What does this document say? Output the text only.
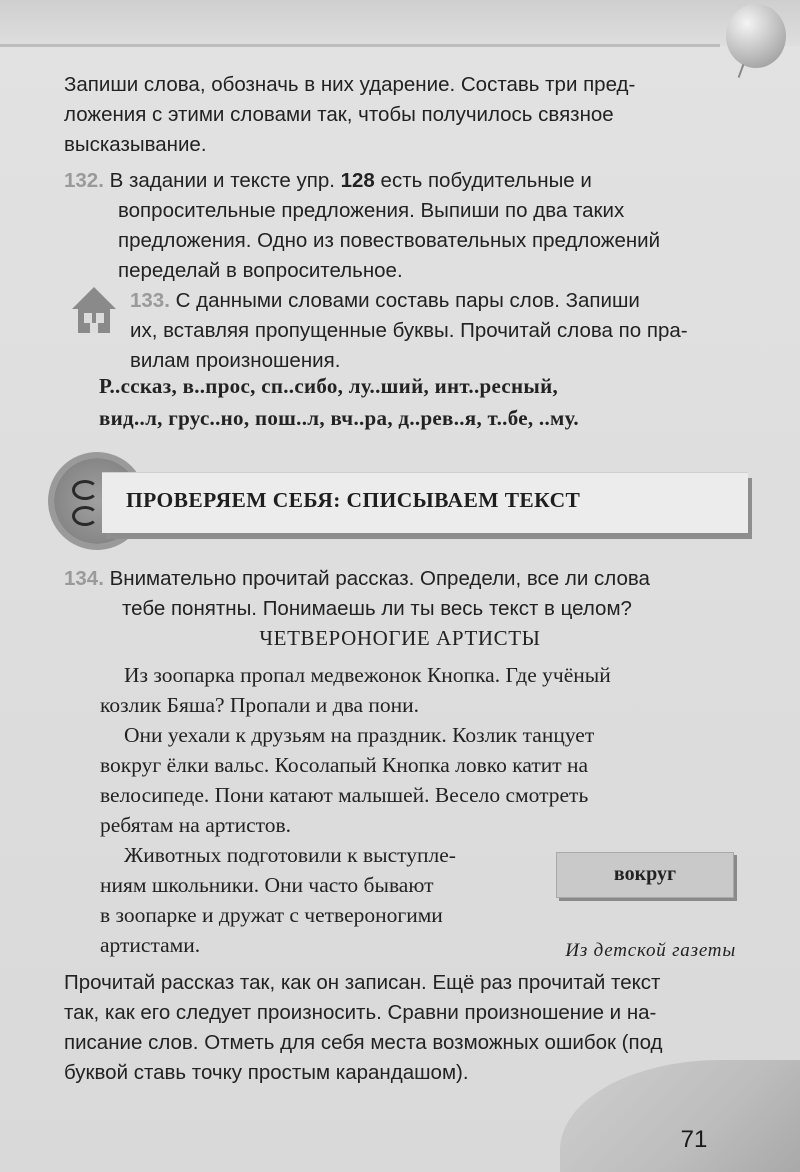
Запиши слова, обозначь в них ударение. Составь три пред-
ложения с этими словами так, чтобы получилось связное
высказывание.

132. В задании и тексте упр. 128 есть побудительные и
вопросительные предложения. Выпиши по два таких
предложения. Одно из повествовательных предложений
переделай в вопросительное.

133. С данными словами составь пары слов. Запиши
их, вставляя пропущенные буквы. Прочитай слова по пра-
вилам произношения.

Р..ссказ, в..прос, сп..сибо, лу..ший, инт..ресный,
вид..л, грус..но, пош..л, вч..ра, д..рев..я, т..бе, ..му.

ПРОВЕРЯЕМ СЕБЯ: СПИСЫВАЕМ ТЕКСТ

134. Внимательно прочитай рассказ. Определи, все ли слова
тебе понятны. Понимаешь ли ты весь текст в целом?

ЧЕТВЕРОНОГИЕ АРТИСТЫ

Из зоопарка пропал медвежонок Кнопка. Где учёный
козлик Бяша? Пропали и два пони.

Они уехали к друзьям на праздник. Козлик танцует
вокруг ёлки вальс. Косолапый Кнопка ловко катит на
велосипеде. Пони катают малышей. Весело смотреть
ребятам на артистов.

Животных подготовили к выступле-
ниям школьники. Они часто бывают
в зоопарке и дружат с четвероногими
артистами.

вокруг
Из детской газеты

Прочитай рассказ так, как он записан. Ещё раз прочитай текст
так, как его следует произносить. Сравни произношение и на-
писание слов. Отметь для себя места возможных ошибок (под
буквой ставь точку простым карандашом).

71
